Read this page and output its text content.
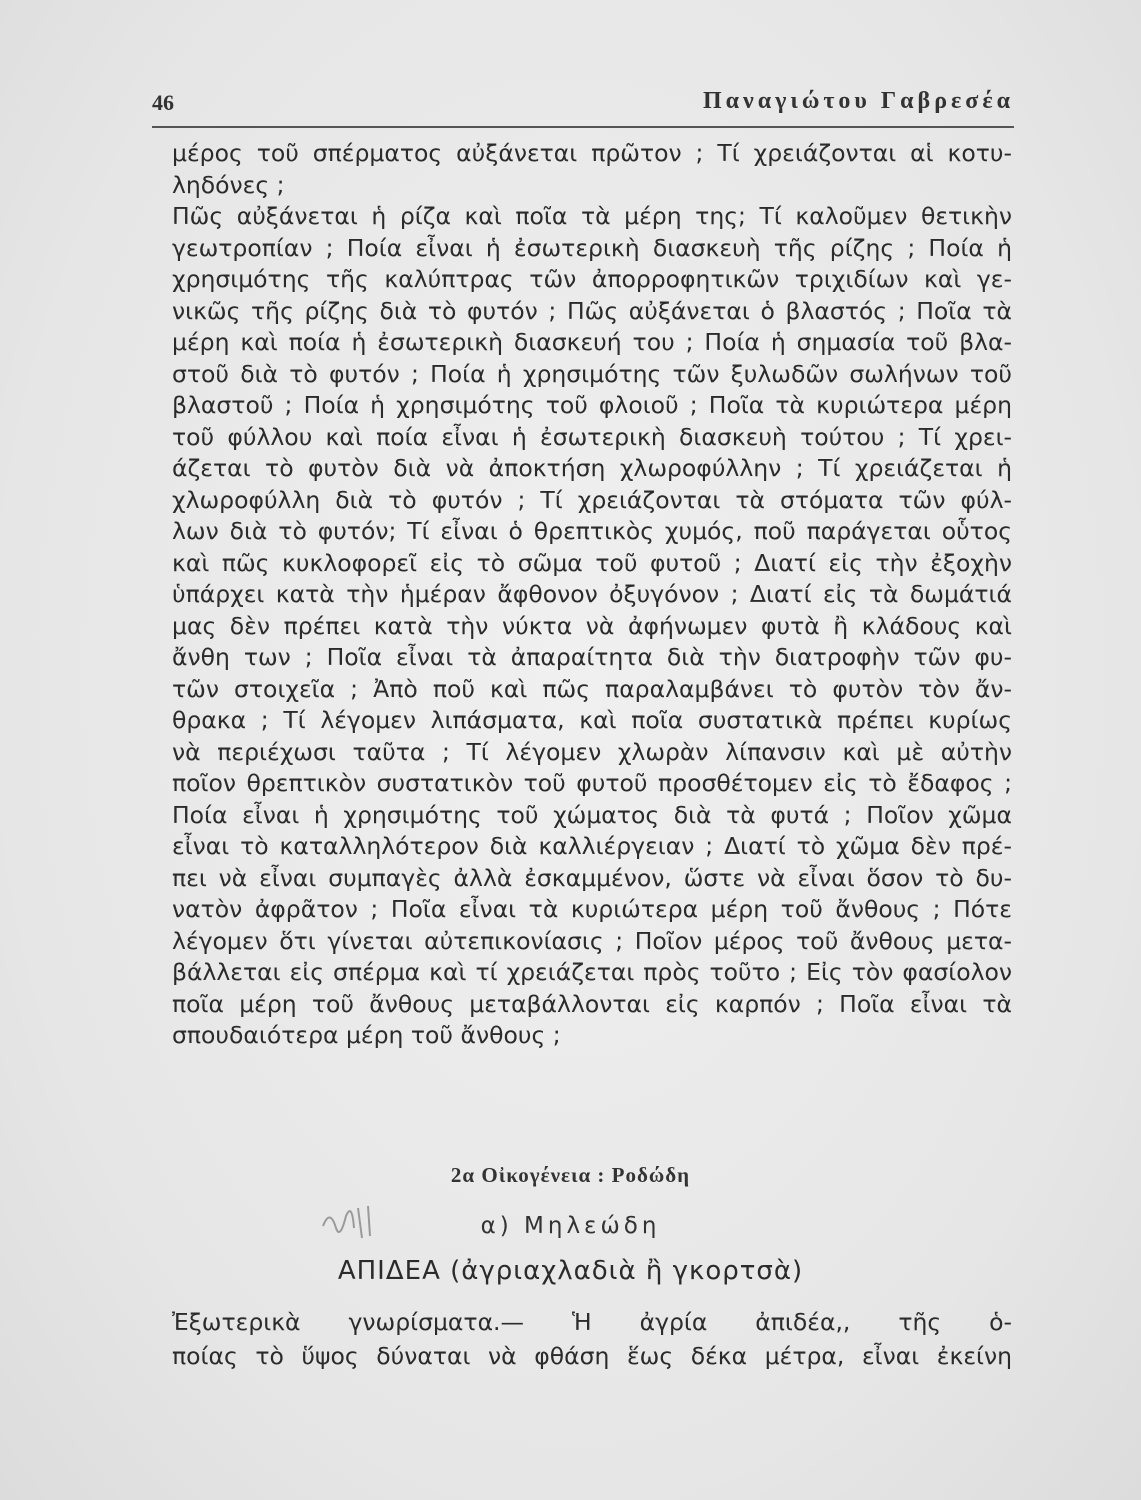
46	Παναγιώτου Γαβρεσέα
μέρος τοῦ σπέρματος αὐξάνεται πρῶτον ; Τί χρειάζονται αἱ κοτυ-
ληδόνες ;
Πῶς αὐξάνεται ἡ ρίζα καὶ ποῖα τὰ μέρη της; Τί καλοῦμεν θετικὴν
γεωτροπίαν ; Ποία εἶναι ἡ ἐσωτερικὴ διασκευὴ τῆς ρίζης ; Ποία ἡ
χρησιμότης τῆς καλύπτρας τῶν ἀπορροφητικῶν τριχιδίων καὶ γε-
νικῶς τῆς ρίζης διὰ τὸ φυτόν ; Πῶς αὐξάνεται ὁ βλαστός ; Ποῖα τὰ
μέρη καὶ ποία ἡ ἐσωτερικὴ διασκευή του ; Ποία ἡ σημασία τοῦ βλα-
στοῦ διὰ τὸ φυτόν ; Ποία ἡ χρησιμότης τῶν ξυλωδῶν σωλήνων τοῦ
βλαστοῦ ; Ποία ἡ χρησιμότης τοῦ φλοιοῦ ; Ποῖα τὰ κυριώτερα μέρη
τοῦ φύλλου καὶ ποία εἶναι ἡ ἐσωτερικὴ διασκευὴ τούτου ; Τί χρει-
άζεται τὸ φυτὸν διὰ νὰ ἀποκτήση χλωροφύλλην ; Τί χρειάζεται ἡ
χλωροφύλλη διὰ τὸ φυτόν ; Τί χρειάζονται τὰ στόματα τῶν φύλ-
λων διὰ τὸ φυτόν; Τί εἶναι ὁ θρεπτικὸς χυμός, ποῦ παράγεται οὗτος
καὶ πῶς κυκλοφορεῖ εἰς τὸ σῶμα τοῦ φυτοῦ ; Διατί εἰς τὴν ἐξοχὴν
ὑπάρχει κατὰ τὴν ἡμέραν ἄφθονον ὀξυγόνον ; Διατί εἰς τὰ δωμάτιά
μας δὲν πρέπει κατὰ τὴν νύκτα νὰ ἀφήνωμεν φυτὰ ἢ κλάδους καὶ
ἄνθη των ; Ποῖα εἶναι τὰ ἀπαραίτητα διὰ τὴν διατροφὴν τῶν φυ-
τῶν στοιχεῖα ; Ἀπὸ ποῦ καὶ πῶς παραλαμβάνει τὸ φυτὸν τὸν ἄν-
θρακα ; Τί λέγομεν λιπάσματα, καὶ ποῖα συστατικὰ πρέπει κυρίως
νὰ περιέχωσι ταῦτα ; Τί λέγομεν χλωρὰν λίπανσιν καὶ μὲ αὐτὴν
ποῖον θρεπτικὸν συστατικὸν τοῦ φυτοῦ προσθέτομεν εἰς τὸ ἔδαφος ;
Ποία εἶναι ἡ χρησιμότης τοῦ χώματος διὰ τὰ φυτά ; Ποῖον χῶμα
εἶναι τὸ καταλληλότερον διὰ καλλιέργειαν ; Διατί τὸ χῶμα δὲν πρέ-
πει νὰ εἶναι συμπαγὲς ἀλλὰ ἐσκαμμένον, ὥστε νὰ εἶναι ὅσον τὸ δυ-
νατὸν ἀφρᾶτον ; Ποῖα εἶναι τὰ κυριώτερα μέρη τοῦ ἄνθους ; Πότε
λέγομεν ὅτι γίνεται αὐτεπικονίασις ; Ποῖον μέρος τοῦ ἄνθους μετα-
βάλλεται εἰς σπέρμα καὶ τί χρειάζεται πρὸς τοῦτο ; Εἰς τὸν φασίολον
ποῖα μέρη τοῦ ἄνθους μεταβάλλονται εἰς καρπόν ; Ποῖα εἶναι τὰ
σπουδαιότερα μέρη τοῦ ἄνθους ;
2α Οἰκογένεια : Ροδώδη
α) Μηλεώδη
ΑΠΙΔΕΑ (ἀγριαχλαδιὰ ἢ γκορτσὰ)
Ἐξωτερικὰ γνωρίσματα.— Ἡ ἀγρία ἀπιδέα,, τῆς ὁ-
ποίας τὸ ὕψος δύναται νὰ φθάση ἕως δέκα μέτρα, εἶναι ἐκείνη
